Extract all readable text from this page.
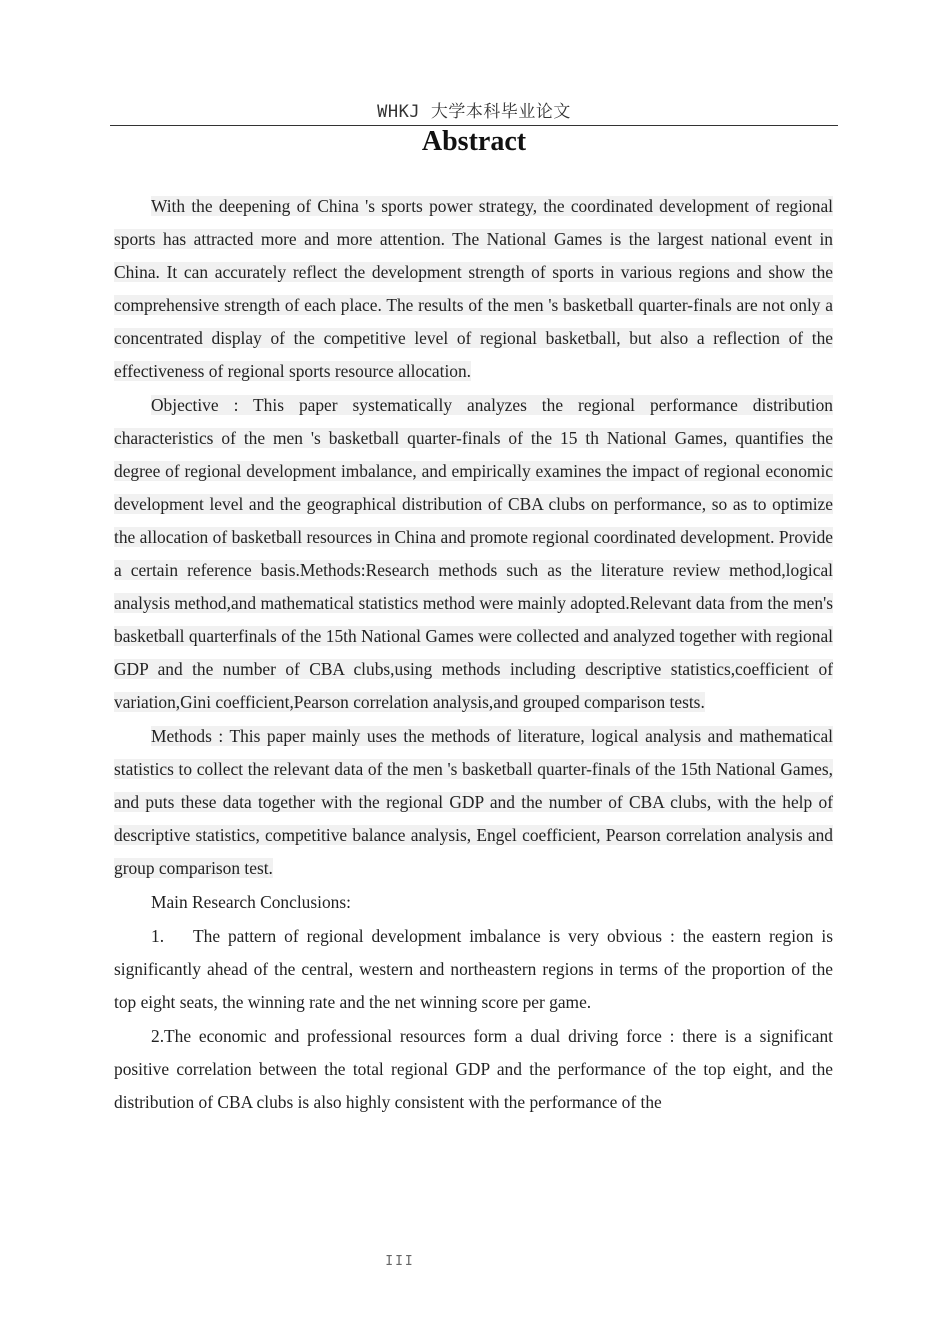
WHKJ 大学本科毕业论文
Abstract

With the deepening of China 's sports power strategy, the coordinated development of regional sports has attracted more and more attention. The National Games is the largest national event in China. It can accurately reflect the development strength of sports in various regions and show the comprehensive strength of each place. The results of the men 's basketball quarter-finals are not only a concentrated display of the competitive level of regional basketball, but also a reflection of the effectiveness of regional sports resource allocation.

Objective : This paper systematically analyzes the regional performance distribution characteristics of the men 's basketball quarter-finals of the 15 th National Games, quantifies the degree of regional development imbalance, and empirically examines the impact of regional economic development level and the geographical distribution of CBA clubs on performance, so as to optimize the allocation of basketball resources in China and promote regional coordinated development. Provide a certain reference basis.Methods:Research methods such as the literature review method,logical analysis method,and mathematical statistics method were mainly adopted.Relevant data from the men's basketball quarterfinals of the 15th National Games were collected and analyzed together with regional GDP and the number of CBA clubs,using methods including descriptive statistics,coefficient of variation,Gini coefficient,Pearson correlation analysis,and grouped comparison tests.

Methods : This paper mainly uses the methods of literature, logical analysis and mathematical statistics to collect the relevant data of the men 's basketball quarter-finals of the 15th National Games, and puts these data together with the regional GDP and the number of CBA clubs, with the help of descriptive statistics, competitive balance analysis, Engel coefficient, Pearson correlation analysis and group comparison test.

Main Research Conclusions:

1. The pattern of regional development imbalance is very obvious : the eastern region is significantly ahead of the central, western and northeastern regions in terms of the proportion of the top eight seats, the winning rate and the net winning score per game.

2.The economic and professional resources form a dual driving force : there is a significant positive correlation between the total regional GDP and the performance of the top eight, and the distribution of CBA clubs is also highly consistent with the performance of the

III
